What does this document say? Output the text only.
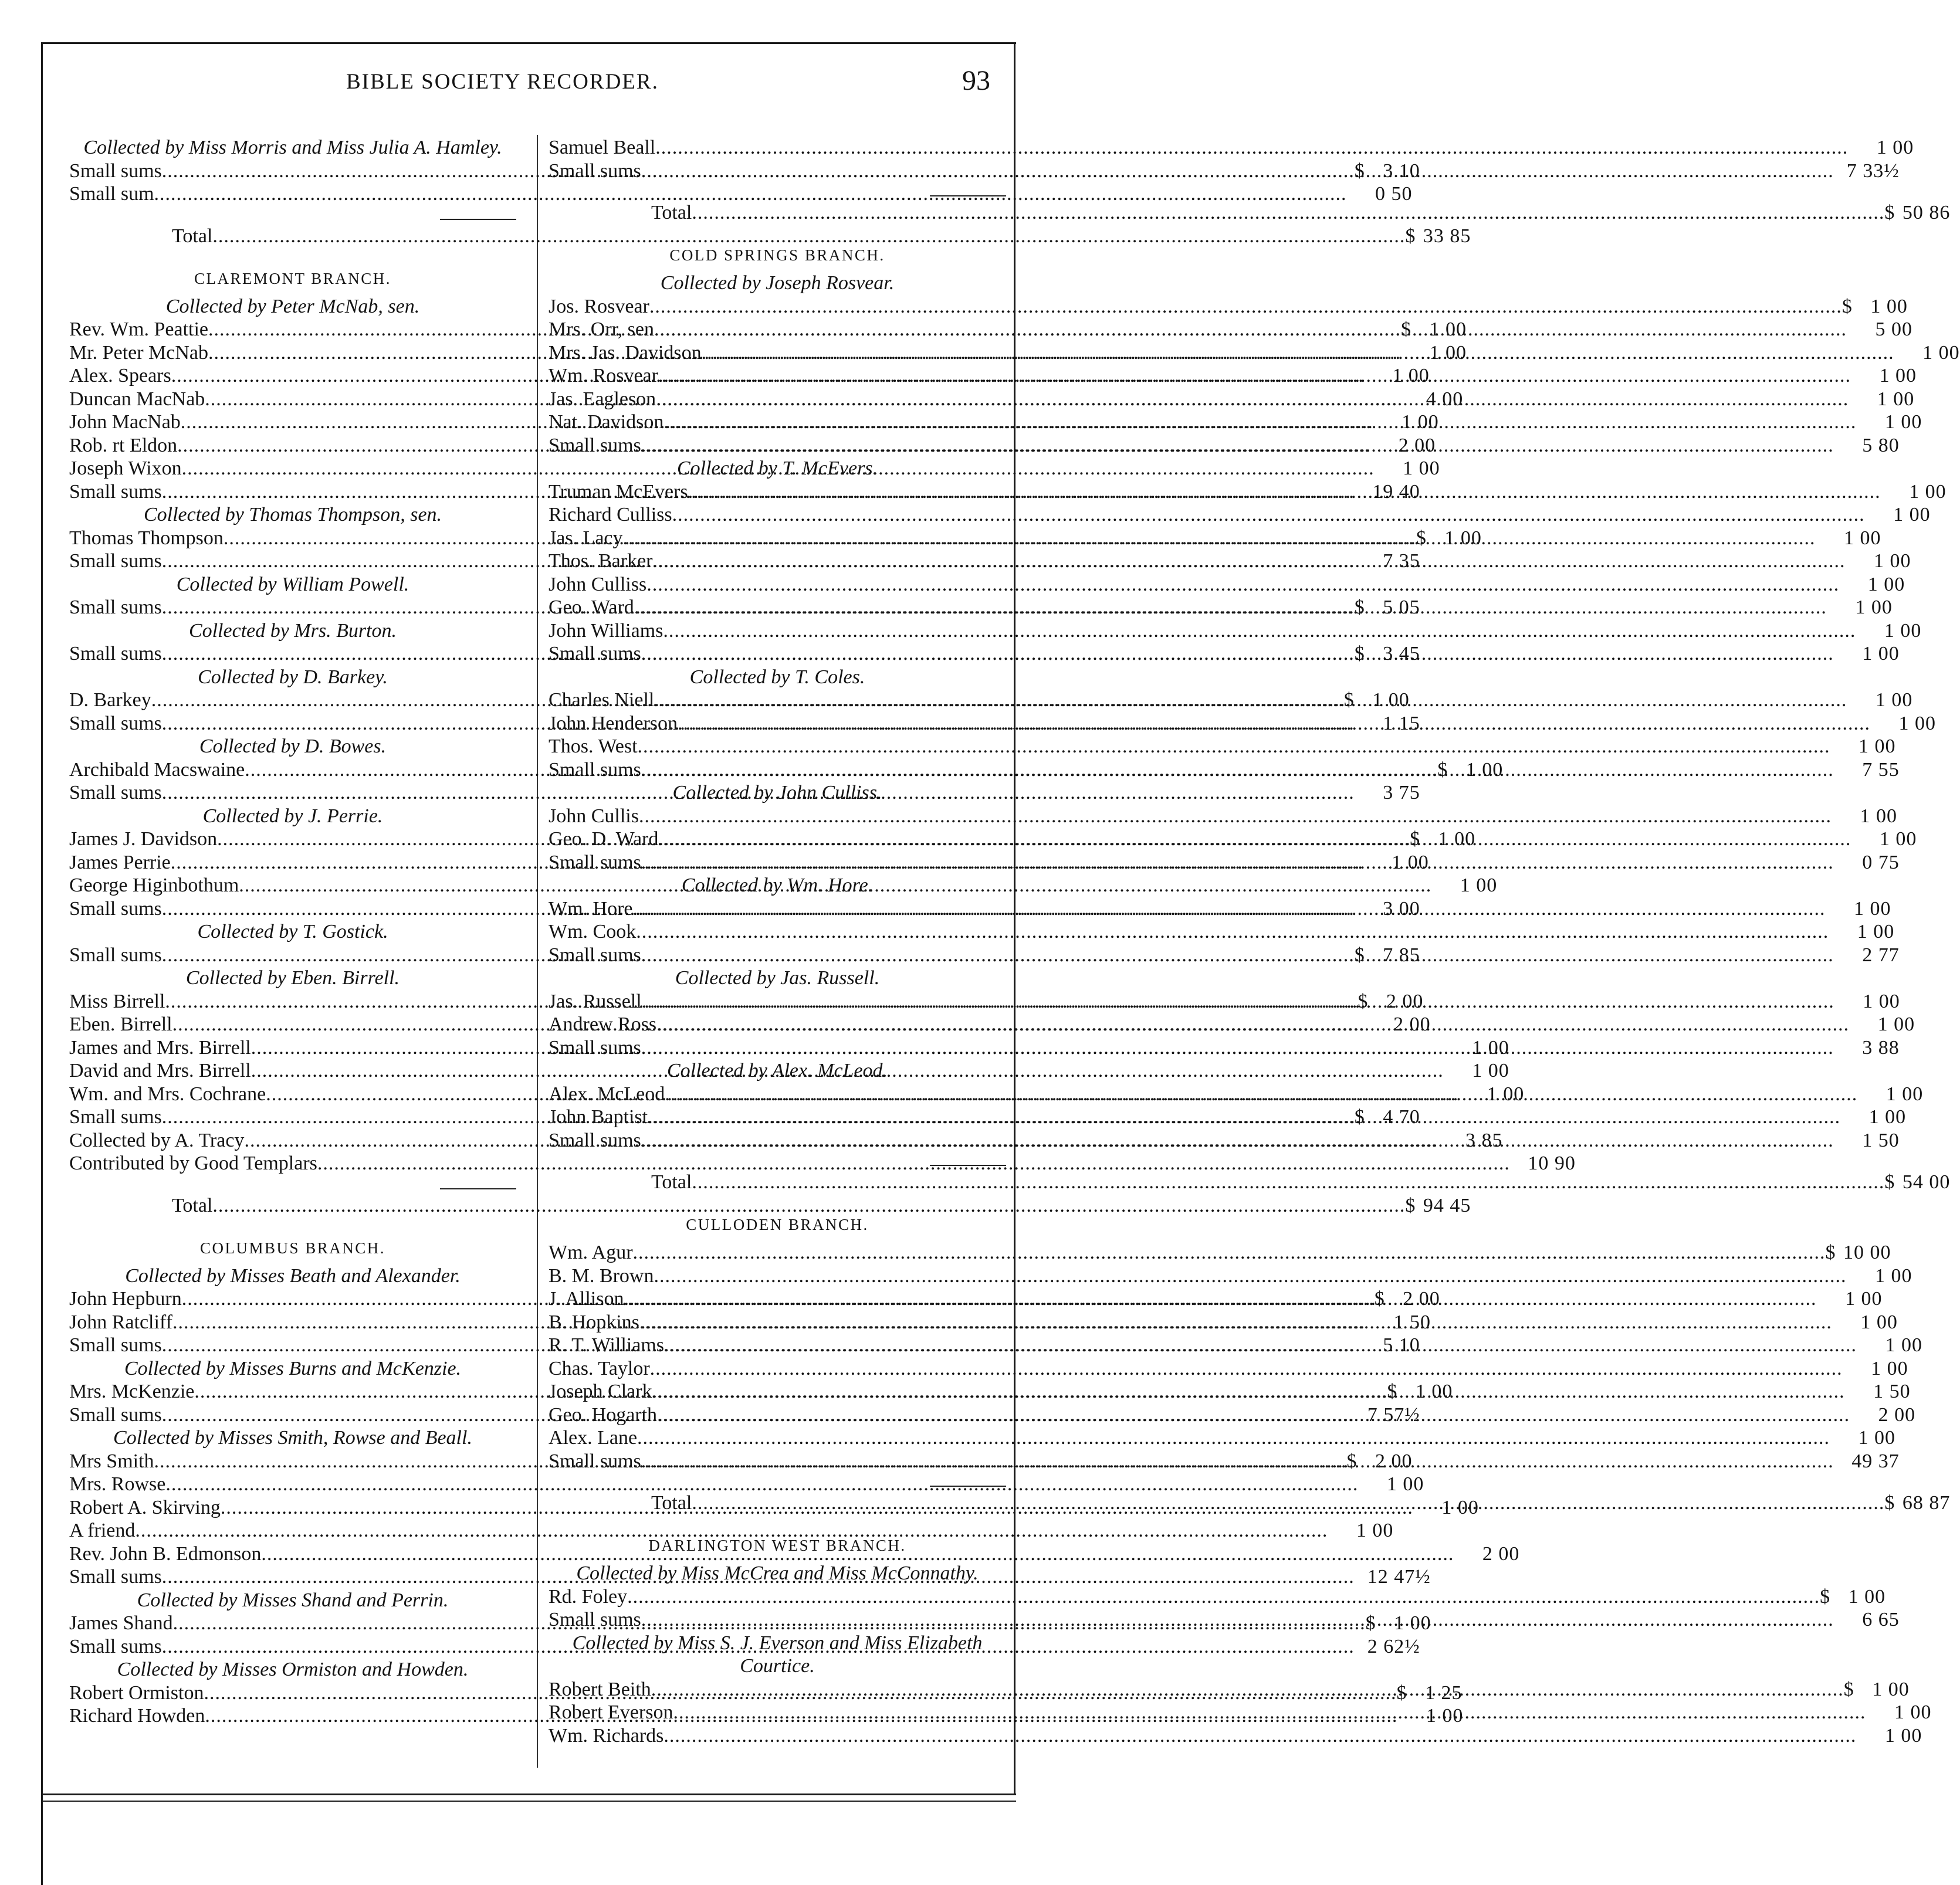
BIBLE SOCIETY RECORDER.	93
Collected by Miss Morris and Miss Julia A. Hamley.
Small sums .....	$ 3 10
Small sum .....	0 50
Total .....	$ 33 85
CLAREMONT BRANCH.
Collected by Peter McNab, sen.
Rev. Wm. Peattie .....	$ 1 00
Mr. Peter McNab .....	1 00
Alex. Spears .....	1 00
Duncan MacNab .....	4 00
John MacNab .....	1 00
Rob. rt Eldon .....	2 00
Joseph Wixon .....	1 00
Small sums .....	19 40
Collected by Thomas Thompson, sen.
Thomas Thompson .....	$ 1 00
Small sums .....	7 35
Collected by William Powell.
Small sums .....	$ 5 05
Collected by Mrs. Burton.
Small sums .....	$ 3 45
Collected by D. Barkey.
D. Barkey .....	$ 1 00
Small sums .....	1 15
Collected by D. Bowes.
Archibald Macswaine .....	$ 1 00
Small sums .....	3 75
Collected by J. Perrie.
James J. Davidson .....	$ 1 00
James Perrie .....	1 00
George Higinbothum .....	1 00
Small sums .....	3 00
Collected by T. Gostick.
Small sums .....	$ 7 85
Collected by Eben. Birrell.
Miss Birrell .....	$ 2 00
Eben. Birrell .....	2 00
James and Mrs. Birrell .....	1 00
David and Mrs. Birrell .....	1 00
Wm. and Mrs. Cochrane .....	1 00
Small sums .....	$ 4 70
Collected by A. Tracy .....	3 85
Contributed by Good Templars .....	10 90
Total .....	$ 94 45
COLUMBUS BRANCH.
Collected by Misses Beath and Alexander.
John Hepburn .....	$ 2 00
John Ratcliff .....	1 50
Small sums .....	5 10
Collected by Misses Burns and McKenzie.
Mrs. McKenzie .....	$ 1 00
Small sums .....	7 57½
Collected by Misses Smith, Rowse and Beall.
Mrs Smith .....	$ 2 00
Mrs. Rowse .....	1 00
Robert A. Skirving .....	1 00
A friend .....	1 00
Rev. John B. Edmonson .....	2 00
Small sums .....	12 47½
Collected by Misses Shand and Perrin.
James Shand .....	$ 1 00
Small sums .....	2 62½
Collected by Misses Ormiston and Howden.
Robert Ormiston .....	$ 1 25
Richard Howden .....	1 00
Samuel Beall .....	1 00
Small sums .....	7 33½
Total .....	$ 50 86
COLD SPRINGS BRANCH.
Collected by Joseph Rosvear.
Jos. Rosvear .....	$ 1 00
Mrs. Orr, sen .....	5 00
Mrs. Jas. Davidson .....	1 00
Wm. Rosvear .....	1 00
Jas. Eagleson .....	1 00
Nat. Davidson .....	1 00
Small sums .....	5 80
Collected by T. McEvers.
Truman McEvers .....	1 00
Richard Culliss .....	1 00
Jas. Lacy .....	1 00
Thos. Barker .....	1 00
John Culliss .....	1 00
Geo. Ward .....	1 00
John Williams .....	1 00
Small sums .....	1 00
Collected by T. Coles.
Charles Niell .....	1 00
John Henderson .....	1 00
Thos. West .....	1 00
Small sums .....	7 55
Collected by John Culliss.
John Cullis .....	1 00
Geo. D. Ward .....	1 00
Small sums .....	0 75
Collected by Wm. Hore.
Wm. Hore .....	1 00
Wm. Cook .....	1 00
Small sums .....	2 77
Collected by Jas. Russell.
Jas. Russell .....	1 00
Andrew Ross .....	1 00
Small sums .....	3 88
Collected by Alex. McLeod.
Alex. McLeod .....	1 00
John Baptist .....	1 00
Small sums .....	1 50
Total .....	$ 54 00
CULLODEN BRANCH.
Wm. Agur .....	$ 10 00
B. M. Brown .....	1 00
J. Allison .....	1 00
B. Hopkins .....	1 00
R. T. Williams .....	1 00
Chas. Taylor .....	1 00
Joseph Clark .....	1 50
Geo. Hogarth .....	2 00
Alex. Lane .....	1 00
Small sums .....	49 37
Total .....	$ 68 87
DARLINGTON WEST BRANCH.
Collected by Miss McCrea and Miss McConnathy.
Rd. Foley .....	$ 1 00
Small sums .....	6 65
Collected by Miss S. J. Everson and Miss Elizabeth Courtice.
Robert Beith .....	$ 1 00
Robert Everson .....	1 00
Wm. Richards .....	1 00
